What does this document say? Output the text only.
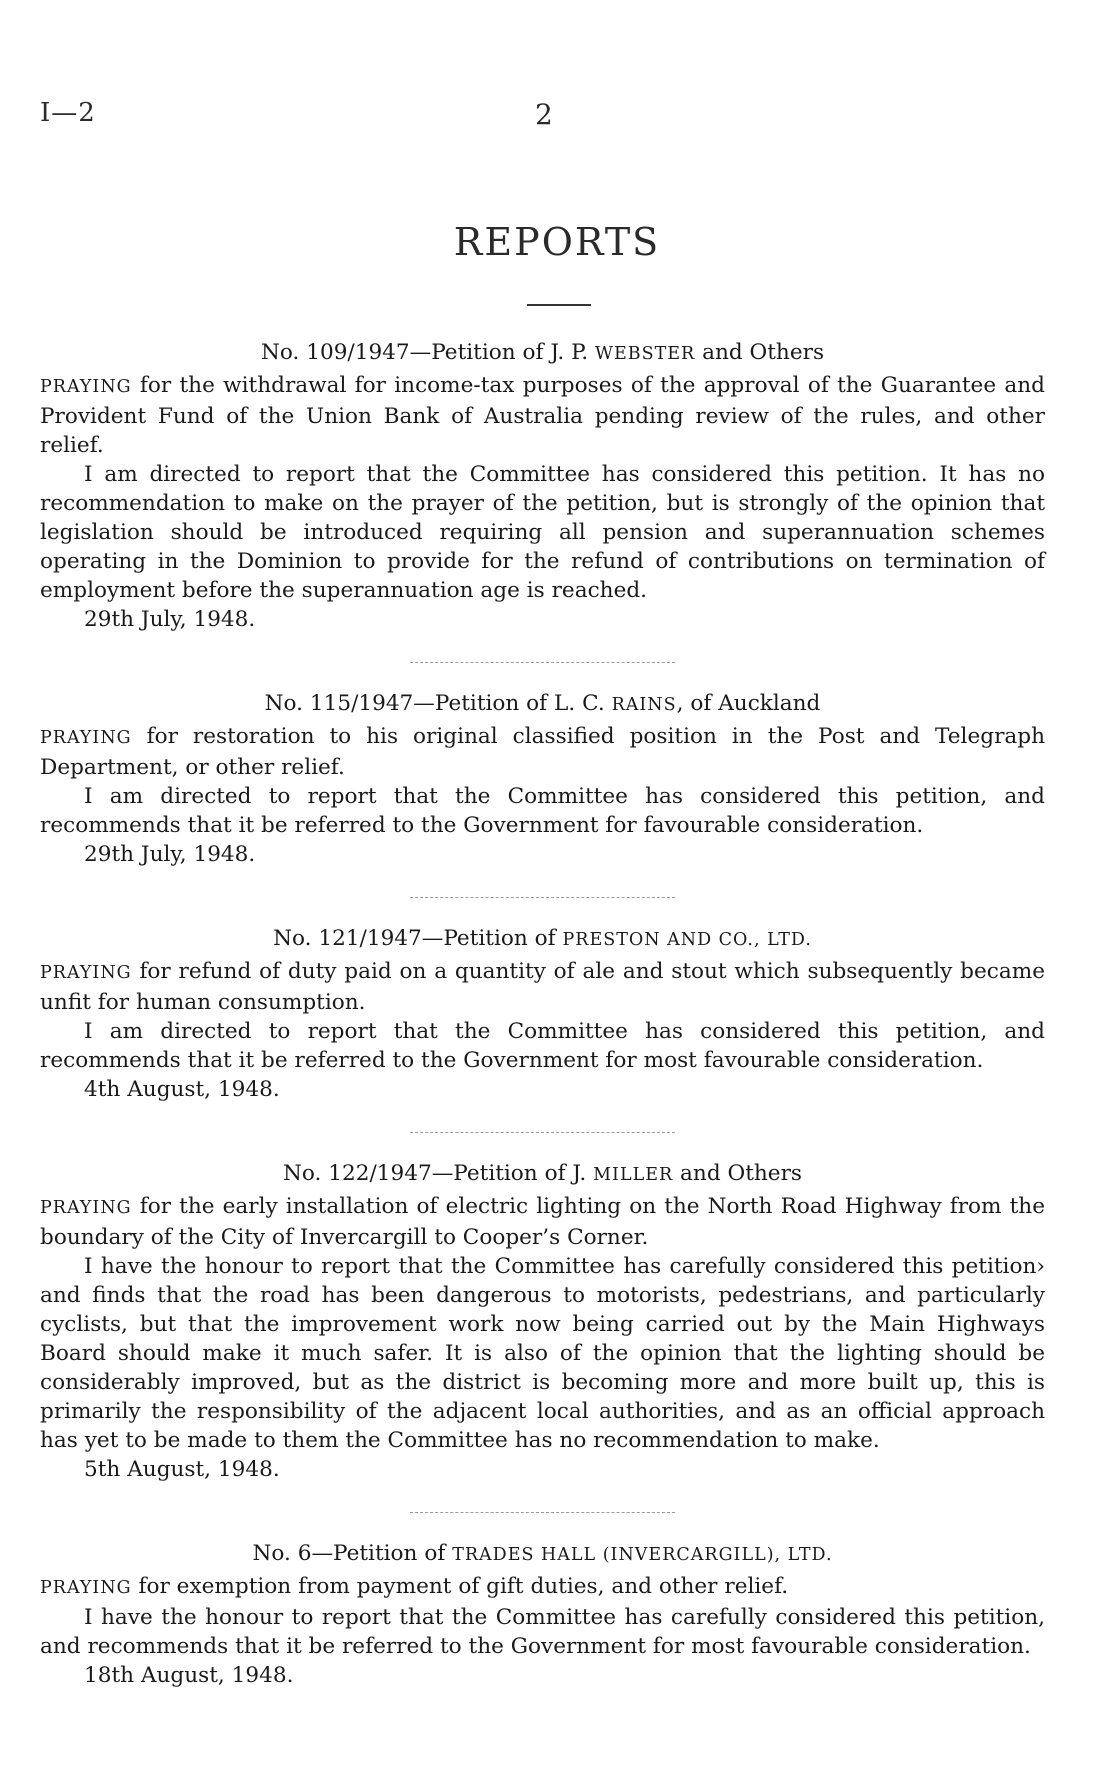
I—2	2
REPORTS

No. 109/1947—Petition of J. P. WEBSTER and Others

PRAYING for the withdrawal for income-tax purposes of the approval of the Guarantee and Provident Fund of the Union Bank of Australia pending review of the rules, and other relief.

I am directed to report that the Committee has considered this petition. It has no recommendation to make on the prayer of the petition, but is strongly of the opinion that legislation should be introduced requiring all pension and superannuation schemes operating in the Dominion to provide for the refund of contributions on termination of employment before the superannuation age is reached.

29th July, 1948.

No. 115/1947—Petition of L. C. RAINS, of Auckland

PRAYING for restoration to his original classified position in the Post and Telegraph Department, or other relief.

I am directed to report that the Committee has considered this petition, and recommends that it be referred to the Government for favourable consideration.

29th July, 1948.

No. 121/1947—Petition of PRESTON AND CO., LTD.

PRAYING for refund of duty paid on a quantity of ale and stout which subsequently became unfit for human consumption.

I am directed to report that the Committee has considered this petition, and recommends that it be referred to the Government for most favourable consideration.

4th August, 1948.

No. 122/1947—Petition of J. MILLER and Others

PRAYING for the early installation of electric lighting on the North Road Highway from the boundary of the City of Invercargill to Cooper’s Corner.

I have the honour to report that the Committee has carefully considered this petition› and finds that the road has been dangerous to motorists, pedestrians, and particularly cyclists, but that the improvement work now being carried out by the Main Highways Board should make it much safer. It is also of the opinion that the lighting should be considerably improved, but as the district is becoming more and more built up, this is primarily the responsibility of the adjacent local authorities, and as an official approach has yet to be made to them the Committee has no recommendation to make.

5th August, 1948.

No. 6—Petition of TRADES HALL (INVERCARGILL), LTD.

PRAYING for exemption from payment of gift duties, and other relief.

I have the honour to report that the Committee has carefully considered this petition, and recommends that it be referred to the Government for most favourable consideration.

18th August, 1948.
